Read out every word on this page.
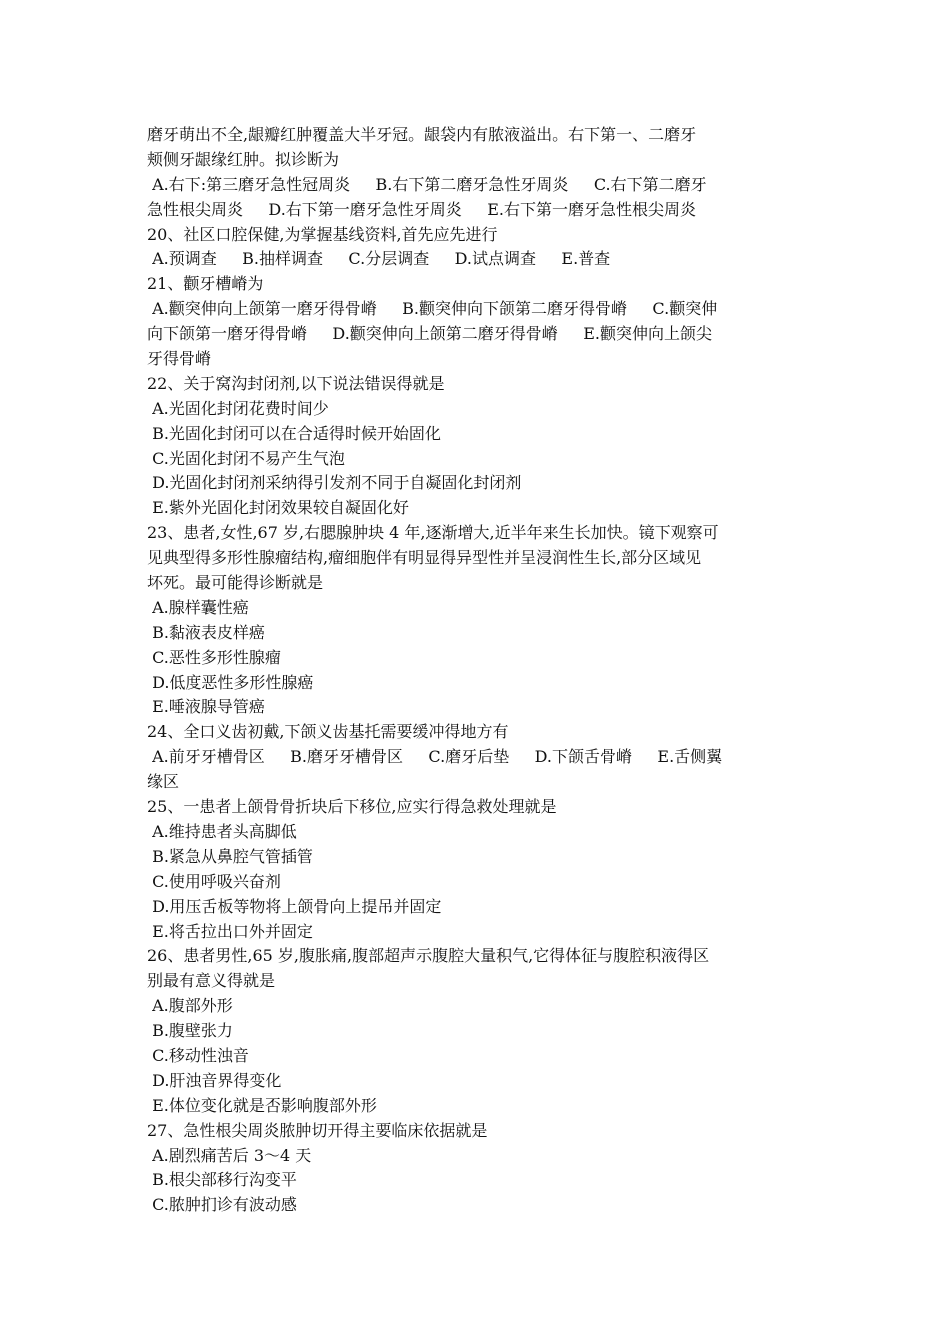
磨牙萌出不全,龈瓣红肿覆盖大半牙冠。龈袋内有脓液溢出。右下第一、二磨牙
颊侧牙龈缘红肿。拟诊断为
A.右下:第三磨牙急性冠周炎     B.右下第二磨牙急性牙周炎     C.右下第二磨牙
急性根尖周炎     D.右下第一磨牙急性牙周炎     E.右下第一磨牙急性根尖周炎
20、社区口腔保健,为掌握基线资料,首先应先进行
A.预调查     B.抽样调查     C.分层调查     D.试点调查     E.普查
21、颧牙槽嵴为
A.颧突伸向上颌第一磨牙得骨嵴     B.颧突伸向下颌第二磨牙得骨嵴     C.颧突伸
向下颌第一磨牙得骨嵴     D.颧突伸向上颌第二磨牙得骨嵴     E.颧突伸向上颌尖
牙得骨嵴
22、关于窝沟封闭剂,以下说法错误得就是
A.光固化封闭花费时间少
B.光固化封闭可以在合适得时候开始固化
C.光固化封闭不易产生气泡
D.光固化封闭剂采纳得引发剂不同于自凝固化封闭剂
E.紫外光固化封闭效果较自凝固化好
23、患者,女性,67 岁,右腮腺肿块 4 年,逐渐增大,近半年来生长加快。镜下观察可
见典型得多形性腺瘤结构,瘤细胞伴有明显得异型性并呈浸润性生长,部分区域见
坏死。最可能得诊断就是
A.腺样囊性癌
B.黏液表皮样癌
C.恶性多形性腺瘤
D.低度恶性多形性腺癌
E.唾液腺导管癌
24、全口义齿初戴,下颌义齿基托需要缓冲得地方有
A.前牙牙槽骨区     B.磨牙牙槽骨区     C.磨牙后垫     D.下颌舌骨嵴     E.舌侧翼
缘区
25、一患者上颌骨骨折块后下移位,应实行得急救处理就是
A.维持患者头高脚低
B.紧急从鼻腔气管插管
C.使用呼吸兴奋剂
D.用压舌板等物将上颌骨向上提吊并固定
E.将舌拉出口外并固定
26、患者男性,65 岁,腹胀痛,腹部超声示腹腔大量积气,它得体征与腹腔积液得区
别最有意义得就是
A.腹部外形
B.腹壁张力
C.移动性浊音
D.肝浊音界得变化
E.体位变化就是否影响腹部外形
27、急性根尖周炎脓肿切开得主要临床依据就是
A.剧烈痛苦后 3～4 天
B.根尖部移行沟变平
C.脓肿扪诊有波动感
